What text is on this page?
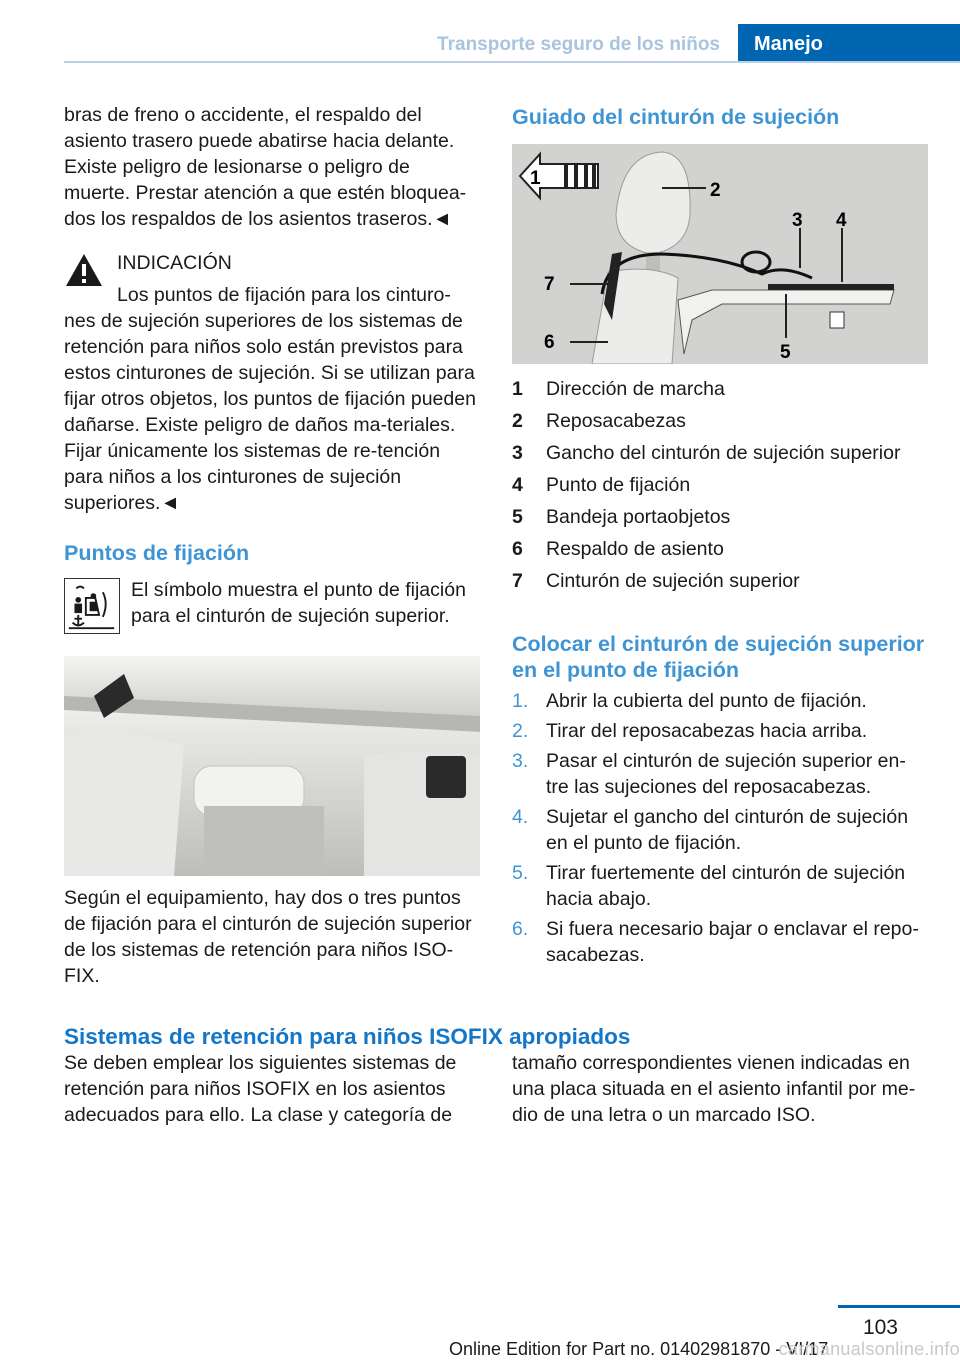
Transporte seguro de los niños	Manejo

bras de freno o accidente, el respaldo del asiento trasero puede abatirse hacia delante. Existe peligro de lesionarse o peligro de muerte. Prestar atención a que estén bloquea-dos los respaldos de los asientos traseros.◄

INDICACIÓN

Los puntos de fijación para los cinturo-

nes de sujeción superiores de los sistemas de retención para niños solo están previstos para estos cinturones de sujeción. Si se utilizan para fijar otros objetos, los puntos de fijación pueden dañarse. Existe peligro de daños ma-teriales. Fijar únicamente los sistemas de re-tención para niños a los cinturones de sujeción superiores.◄

Puntos de fijación

El símbolo muestra el punto de fijación para el cinturón de sujeción superior.

Según el equipamiento, hay dos o tres puntos de fijación para el cinturón de sujeción superior de los sistemas de retención para niños ISO-FIX.

Guiado del cinturón de sujeción
1
2
3 4
5
6
7
1	Dirección de marcha
2	Reposacabezas
3	Gancho del cinturón de sujeción superior
4	Punto de fijación
5	Bandeja portaobjetos
6	Respaldo de asiento
7	Cinturón de sujeción superior
Colocar el cinturón de sujeción superior en el punto de fijación
1. Abrir la cubierta del punto de fijación.
2. Tirar del reposacabezas hacia arriba.
3. Pasar el cinturón de sujeción superior en-tre las sujeciones del reposacabezas.
4. Sujetar el gancho del cinturón de sujeción en el punto de fijación.
5. Tirar fuertemente del cinturón de sujeción hacia abajo.
6. Si fuera necesario bajar o enclavar el repo-sacabezas.
Sistemas de retención para niños ISOFIX apropiados

Se deben emplear los siguientes sistemas de retención para niños ISOFIX en los asientos adecuados para ello. La clase y categoría de

tamaño correspondientes vienen indicadas en una placa situada en el asiento infantil por me-dio de una letra o un marcado ISO.

103
Online Edition for Part no. 01402981870 - VI/17
carmanualsonline.info
